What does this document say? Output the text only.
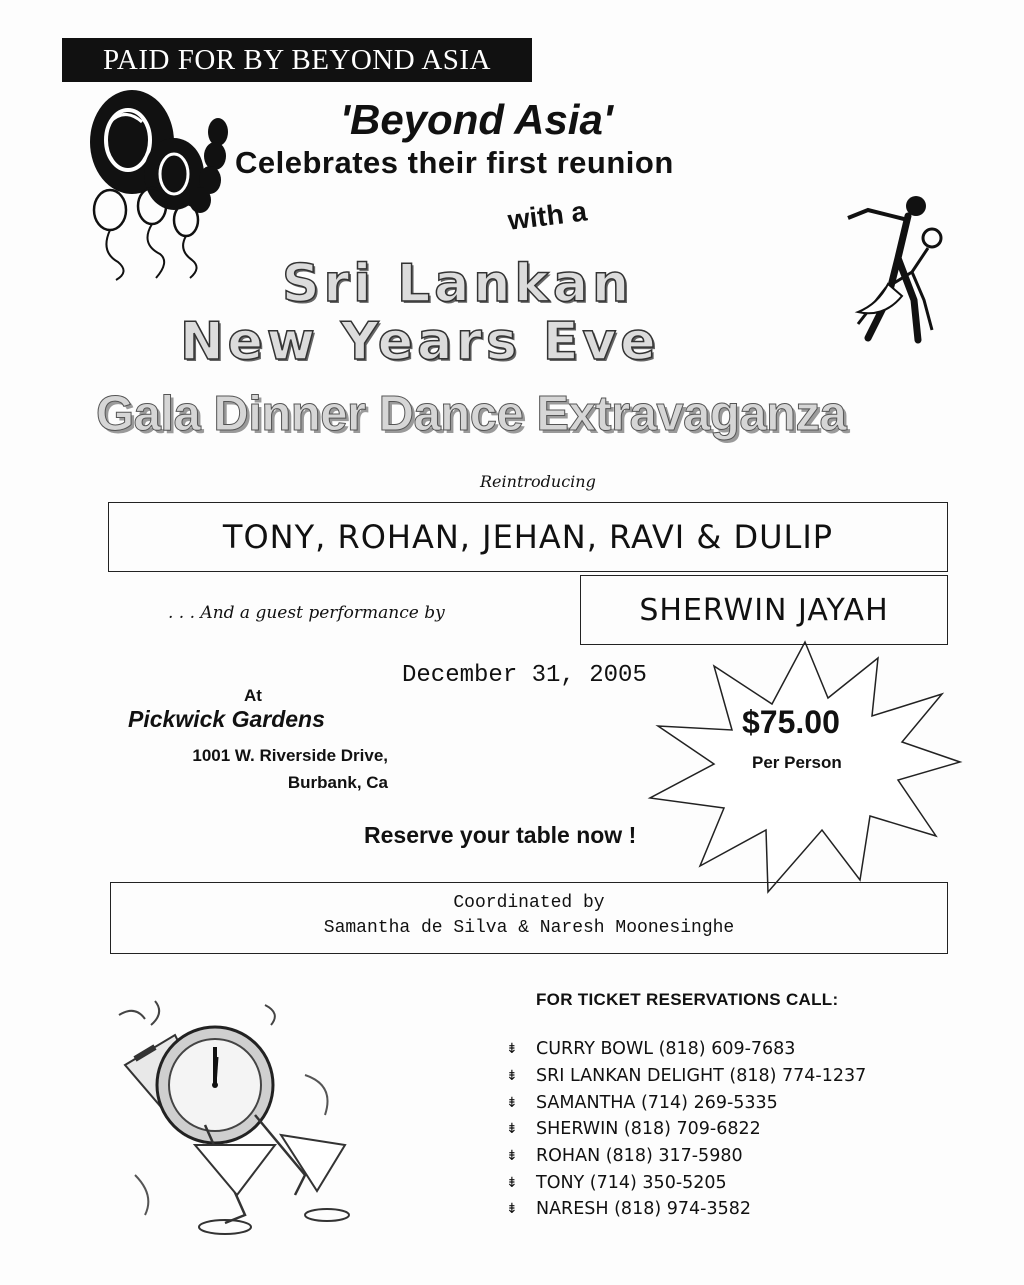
PAID FOR BY BEYOND ASIA
'Beyond Asia'
Celebrates their first reunion
with a
Sri Lankan
New Years Eve
Gala Dinner Dance Extravaganza
Reintroducing
TONY, ROHAN, JEHAN, RAVI & DULIP
. . . And a guest performance by	SHERWIN JAYAH
December 31, 2005
At
Pickwick Gardens
1001 W. Riverside Drive,
Burbank, Ca
$75.00
Per Person
Reserve your table now !
Coordinated by
Samantha de Silva & Naresh Moonesinghe
FOR TICKET RESERVATIONS CALL:
⇟	CURRY BOWL (818) 609-7683
⇟	SRI LANKAN DELIGHT (818) 774-1237
⇟	SAMANTHA (714) 269-5335
⇟	SHERWIN (818) 709-6822
⇟	ROHAN (818) 317-5980
⇟	TONY (714) 350-5205
⇟	NARESH (818) 974-3582
